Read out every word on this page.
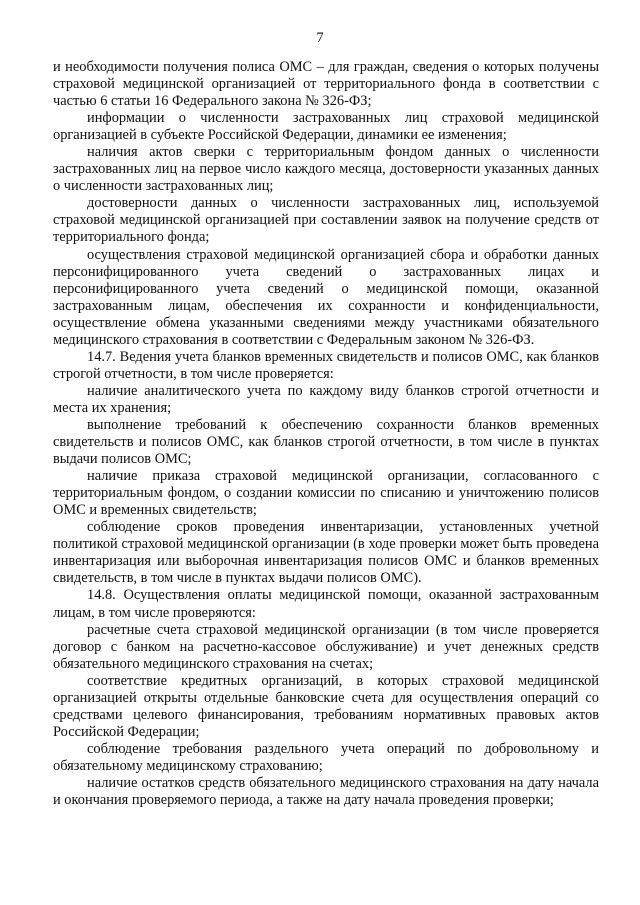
7

и необходимости получения полиса ОМС – для граждан, сведения о которых получены страховой медицинской организацией от территориального фонда в соответствии с частью 6 статьи 16 Федерального закона № 326-ФЗ;

информации о численности застрахованных лиц страховой медицинской организацией в субъекте Российской Федерации, динамики ее изменения;

наличия актов сверки с территориальным фондом данных о численности застрахованных лиц на первое число каждого месяца, достоверности указанных данных о численности застрахованных лиц;

достоверности данных о численности застрахованных лиц, используемой страховой медицинской организацией при составлении заявок на получение средств от территориального фонда;

осуществления страховой медицинской организацией сбора и обработки данных персонифицированного учета сведений о застрахованных лицах и персонифицированного учета сведений о медицинской помощи, оказанной застрахованным лицам, обеспечения их сохранности и конфиденциальности, осуществление обмена указанными сведениями между участниками обязательного медицинского страхования в соответствии с Федеральным законом № 326-ФЗ.

14.7. Ведения учета бланков временных свидетельств и полисов ОМС, как бланков строгой отчетности, в том числе проверяется:

наличие аналитического учета по каждому виду бланков строгой отчетности и места их хранения;

выполнение требований к обеспечению сохранности бланков временных свидетельств и полисов ОМС, как бланков строгой отчетности, в том числе в пунктах выдачи полисов ОМС;

наличие приказа страховой медицинской организации, согласованного с территориальным фондом, о создании комиссии по списанию и уничтожению полисов ОМС и временных свидетельств;

соблюдение сроков проведения инвентаризации, установленных учетной политикой страховой медицинской организации (в ходе проверки может быть проведена инвентаризация или выборочная инвентаризация полисов ОМС и бланков временных свидетельств, в том числе в пунктах выдачи полисов ОМС).

14.8. Осуществления оплаты медицинской помощи, оказанной застрахованным лицам, в том числе проверяются:

расчетные счета страховой медицинской организации (в том числе проверяется договор с банком на расчетно-кассовое обслуживание) и учет денежных средств обязательного медицинского страхования на счетах;

соответствие кредитных организаций, в которых страховой медицинской организацией открыты отдельные банковские счета для осуществления операций со средствами целевого финансирования, требованиям нормативных правовых актов Российской Федерации;

соблюдение требования раздельного учета операций по добровольному и обязательному медицинскому страхованию;

наличие остатков средств обязательного медицинского страхования на дату начала и окончания проверяемого периода, а также на дату начала проведения проверки;
